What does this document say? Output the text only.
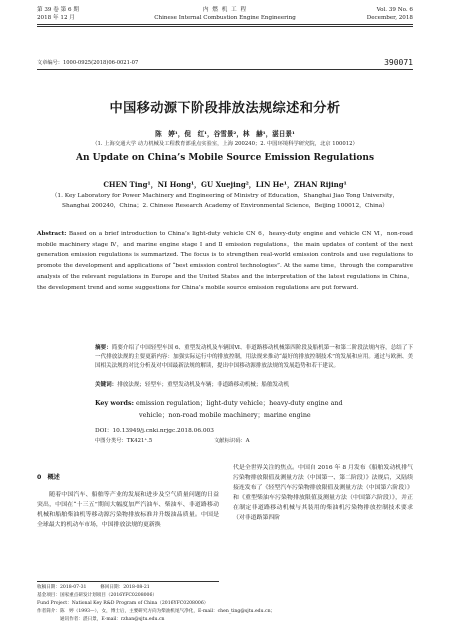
第 39 卷 第 6 期
2018 年 12 月
内 燃 机 工 程
Chinese Internal Combustion Engine Engineering
Vol. 39 No. 6
December, 2018
文章编号：1000-0925(2018)06-0021-07	390071
中国移动源下阶段排放法规综述和分析
陈　婷¹，倪　红¹，谷雪景²，林　赫¹，湛日景¹
（1. 上海交通大学 动力机械及工程教育部重点实验室，上海 200240；2. 中国环境科学研究院，北京 100012）
An Update on China’s Mobile Source Emission Regulations
CHEN Ting¹，NI Hong¹，GU Xuejing²，LIN He¹，ZHAN Rijing¹
（1. Key Laboratory for Power Machinery and Engineering of Ministry of Education，Shanghai Jiao Tong University，Shanghai 200240，China；2. Chinese Research Academy of Environmental Science，Beijing 100012，China）
Abstract: Based on a brief introduction to China’s light-duty vehicle CN 6，heavy-duty engine and vehicle CN Ⅵ，non-road mobile machinery stage Ⅳ，and marine engine stage Ⅰ and Ⅱ emission regulations，the main updates of content of the next generation emission regulations is summarized. The focus is to strengthen real-world emission controls and use regulations to promote the development and applications of “best emission control technologies”. At the same time，through the comparative analysis of the relevant regulations in Europe and the United States and the interpretation of the latest regulations in China，the development trend and some suggestions for China’s mobile source emission regulations are put forward.
摘要：简要介绍了中国轻型车国 6、重型发动机及车辆国Ⅵ、非道路移动机械第四阶段及船机第一和第二阶段法规内容，总结了下一代排放法规的主要更新内容：加强实际运行中的排放控制，用法规来推动“最好的排放控制技术”的发展和应用。通过与欧洲、美国相关法规的对比分析及对中国最新法规的解读，提出中国移动源排放法规的发展趋势和若干建议。
关键词：排放法规；轻型车；重型发动机及车辆；非道路移动机械；船舶发动机
Key words: emission regulation；light-duty vehicle；heavy-duty engine and
vehicle；non-road mobile machinery；marine engine
DOI：10.13949/j.cnki.nrjgc.2018.06.003
中图分类号：TK421⁺.5	文献标识码：A
0　概述
　　随着中国汽车、船舶等产业的发展和进步及空气质量问题的日益突出，中国在“十三五”期间大幅度加严汽油车、柴油车、非道路移动机械和船舶柴油机等移动源污染物排放标准并升级油品质量。中国是全球最大的机动车市场，中国排放法规的更新换
代是全世界关注的焦点。中国自 2016 年 8 月发布《船舶发动机排气污染物排放限值及测量方法（中国第一、第二阶段）》法规后，又陆续接连发布了《轻型汽车污染物排放限值及测量方法（中国第六阶段）》和《重型柴油车污染物排放限值及测量方法（中国第六阶段）》，并正在制定非道路移动机械与其装用的柴油机污染物排放控制技术要求（对非道路第四阶
收稿日期：2018-07-31　　　修回日期：2018-08-21
基金项目：国家重点研发计划项目（2016YFC0208006）
Fund Project：National Key R&D Program of China（2016YFC0208006）
作者简介：陈　婷（1993—），女，博士后，主要研究方向为柴油机尾气净化，E-mail：chen_ting@sjtu.edu.cn；
通讯作者：湛日景，E-mail：rzhan@sjtu.edu.cn
